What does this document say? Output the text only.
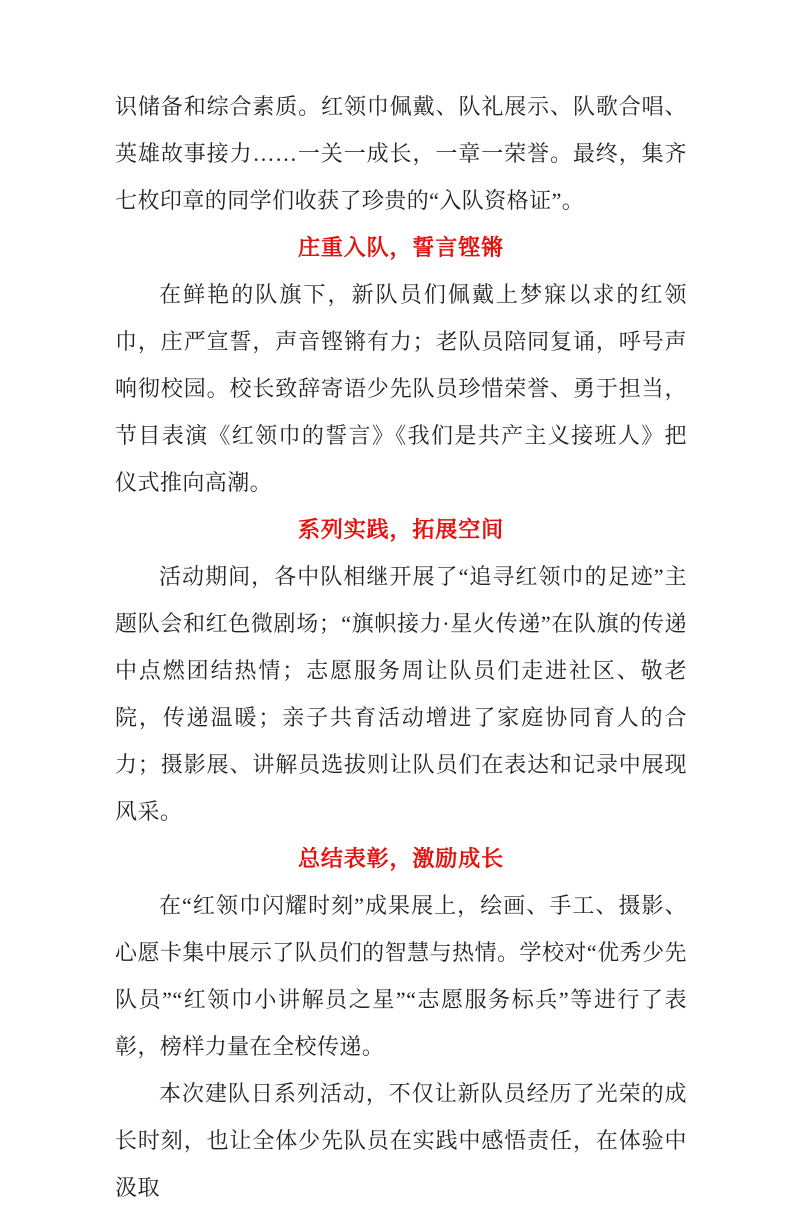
识储备和综合素质。红领巾佩戴、队礼展示、队歌合唱、英雄故事接力……一关一成长，一章一荣誉。最终，集齐七枚印章的同学们收获了珍贵的“入队资格证”。

庄重入队，誓言铿锵

在鲜艳的队旗下，新队员们佩戴上梦寐以求的红领巾，庄严宣誓，声音铿锵有力；老队员陪同复诵，呼号声响彻校园。校长致辞寄语少先队员珍惜荣誉、勇于担当，节目表演《红领巾的誓言》《我们是共产主义接班人》把仪式推向高潮。

系列实践，拓展空间

活动期间，各中队相继开展了“追寻红领巾的足迹”主题队会和红色微剧场；“旗帜接力·星火传递”在队旗的传递中点燃团结热情；志愿服务周让队员们走进社区、敬老院，传递温暖；亲子共育活动增进了家庭协同育人的合力；摄影展、讲解员选拔则让队员们在表达和记录中展现风采。

总结表彰，激励成长

在“红领巾闪耀时刻”成果展上，绘画、手工、摄影、心愿卡集中展示了队员们的智慧与热情。学校对“优秀少先队员”“红领巾小讲解员之星”“志愿服务标兵”等进行了表彰，榜样力量在全校传递。

本次建队日系列活动，不仅让新队员经历了光荣的成长时刻，也让全体少先队员在实践中感悟责任，在体验中汲取
